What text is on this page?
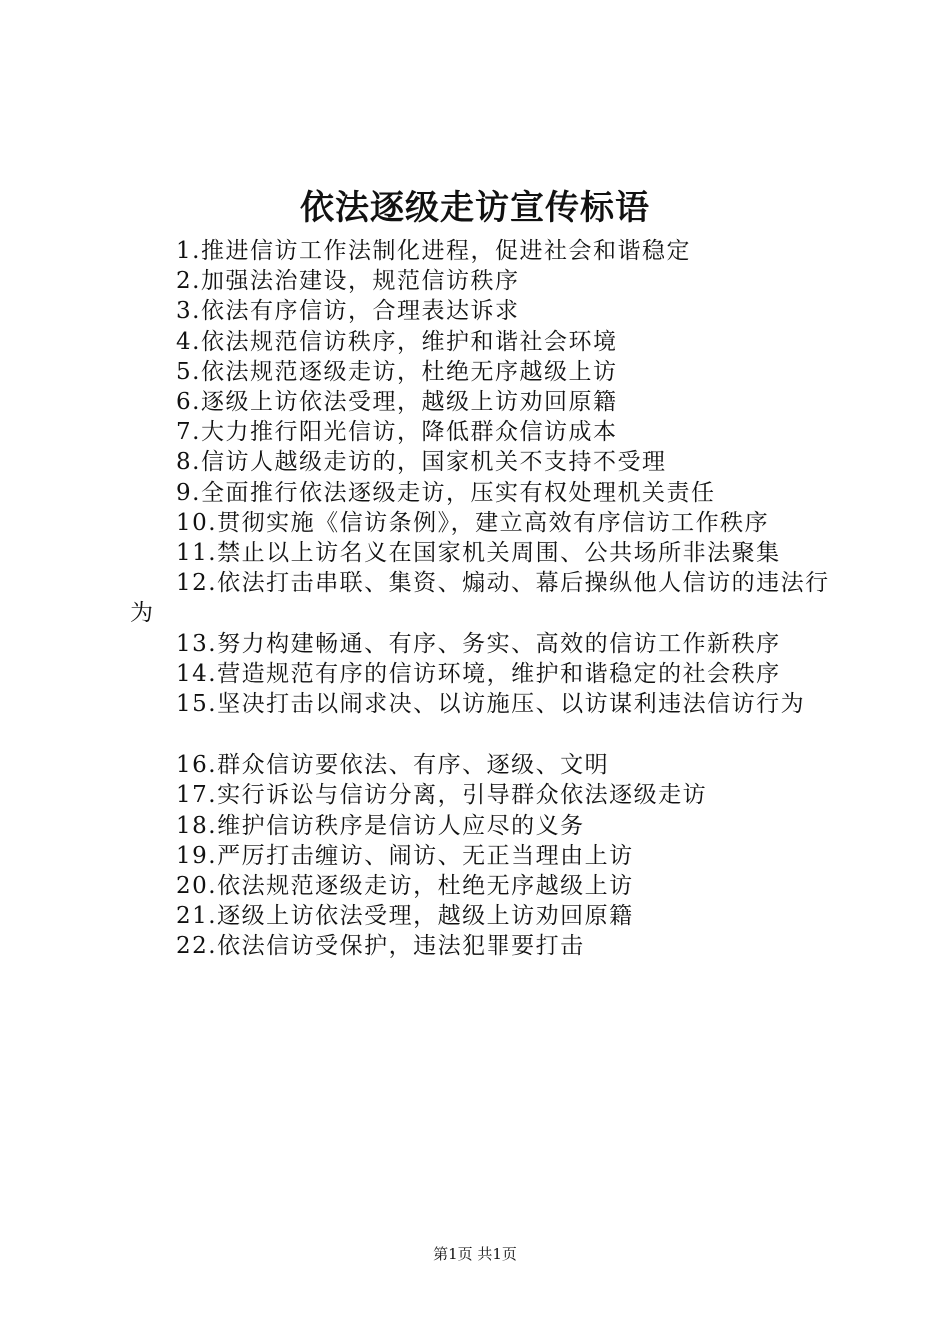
依法逐级走访宣传标语
1.推进信访工作法制化进程，促进社会和谐稳定
2.加强法治建设，规范信访秩序
3.依法有序信访，合理表达诉求
4.依法规范信访秩序，维护和谐社会环境
5.依法规范逐级走访，杜绝无序越级上访
6.逐级上访依法受理，越级上访劝回原籍
7.大力推行阳光信访，降低群众信访成本
8.信访人越级走访的，国家机关不支持不受理
9.全面推行依法逐级走访，压实有权处理机关责任
10.贯彻实施《信访条例》，建立高效有序信访工作秩序
11.禁止以上访名义在国家机关周围、公共场所非法聚集
12.依法打击串联、集资、煽动、幕后操纵他人信访的违法行为
13.努力构建畅通、有序、务实、高效的信访工作新秩序
14.营造规范有序的信访环境，维护和谐稳定的社会秩序
15.坚决打击以闹求决、以访施压、以访谋利违法信访行为
16.群众信访要依法、有序、逐级、文明
17.实行诉讼与信访分离，引导群众依法逐级走访
18.维护信访秩序是信访人应尽的义务
19.严厉打击缠访、闹访、无正当理由上访
20.依法规范逐级走访，杜绝无序越级上访
21.逐级上访依法受理，越级上访劝回原籍
22.依法信访受保护，违法犯罪要打击
第1页 共1页
